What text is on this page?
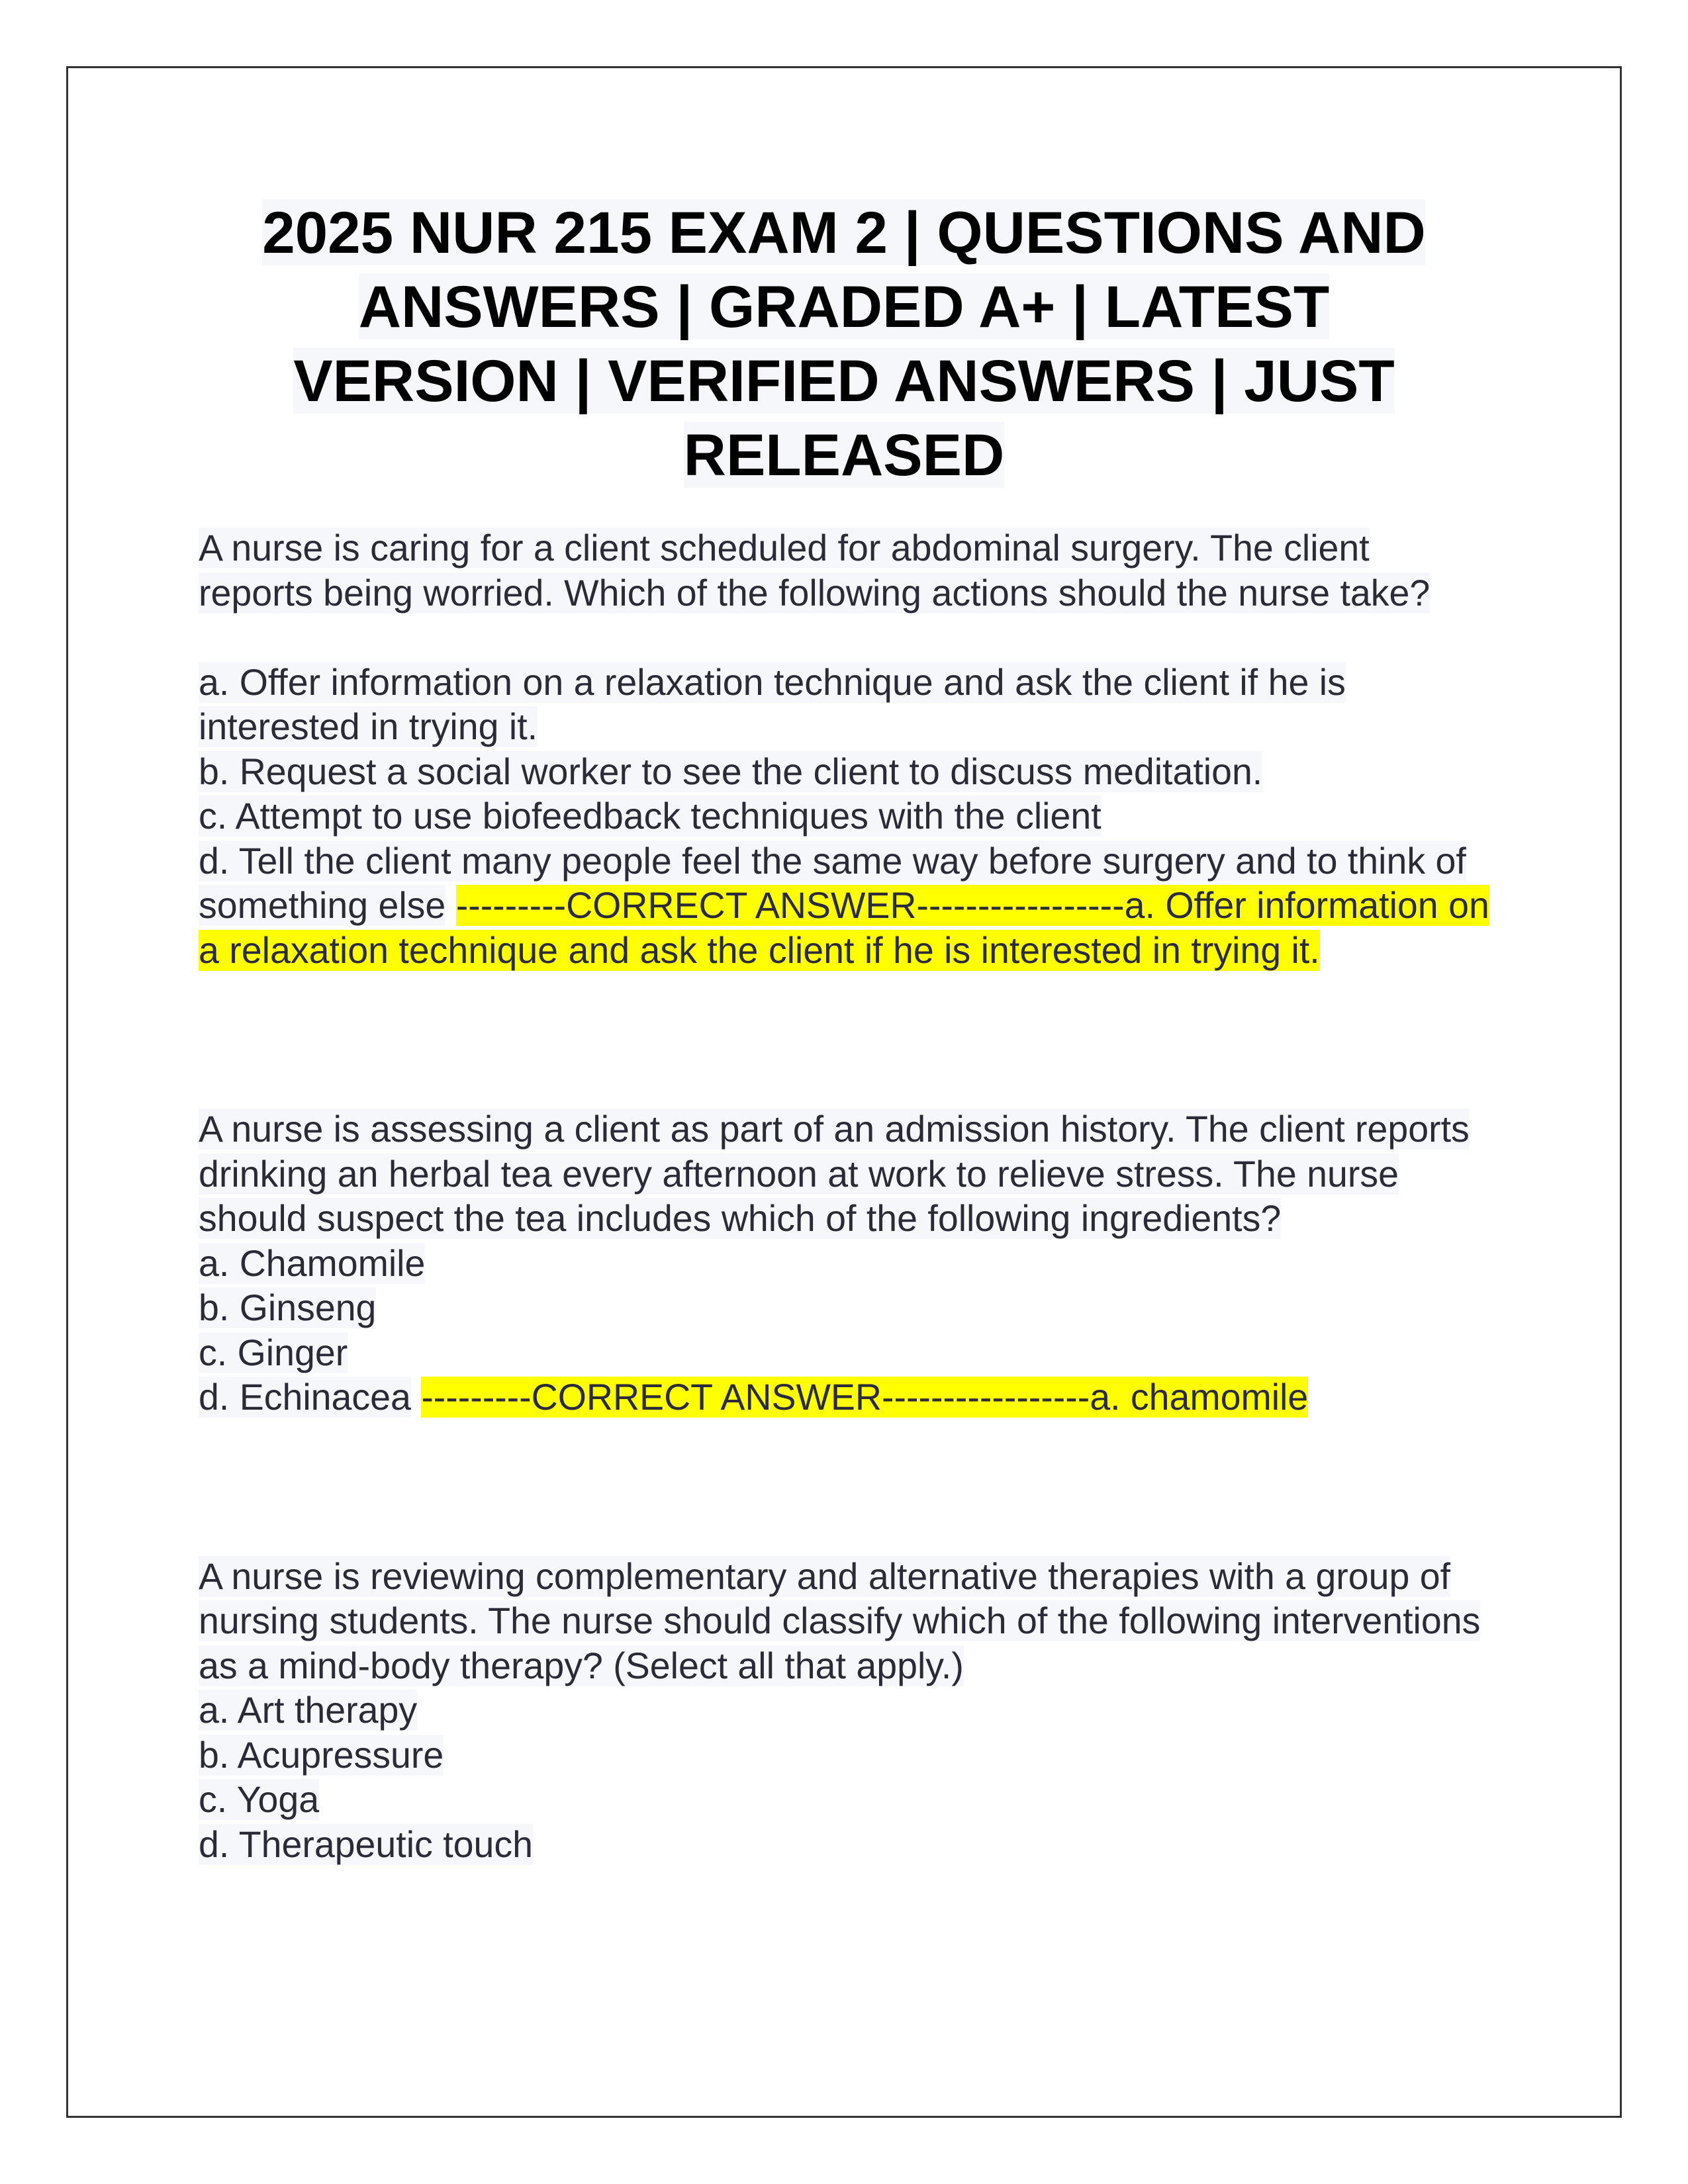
2025 NUR 215 EXAM 2 | QUESTIONS AND
ANSWERS | GRADED A+ | LATEST
VERSION | VERIFIED ANSWERS | JUST
RELEASED
A nurse is caring for a client scheduled for abdominal surgery. The client reports being worried. Which of the following actions should the nurse take?
a. Offer information on a relaxation technique and ask the client if he is interested in trying it.
b. Request a social worker to see the client to discuss meditation.
c. Attempt to use biofeedback techniques with the client
d. Tell the client many people feel the same way before surgery and to think of something else ---------CORRECT ANSWER-----------------a. Offer information on a relaxation technique and ask the client if he is interested in trying it.
A nurse is assessing a client as part of an admission history. The client reports drinking an herbal tea every afternoon at work to relieve stress. The nurse should suspect the tea includes which of the following ingredients?
a. Chamomile
b. Ginseng
c. Ginger
d. Echinacea ---------CORRECT ANSWER-----------------a. chamomile
A nurse is reviewing complementary and alternative therapies with a group of nursing students. The nurse should classify which of the following interventions as a mind-body therapy? (Select all that apply.)
a. Art therapy
b. Acupressure
c. Yoga
d. Therapeutic touch
